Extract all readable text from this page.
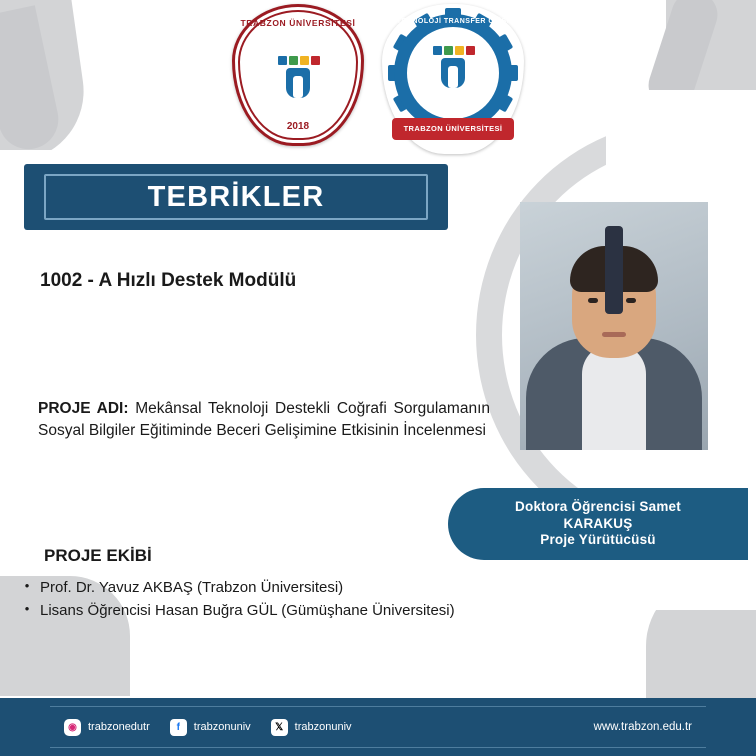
TRABZON ÜNİVERSİTESİ
2018
TEKNOLOJİ TRANSFER OFİSİ
TRABZON ÜNİVERSİTESİ
TEBRİKLER
1002 - A Hızlı Destek Modülü
PROJE ADI: Mekânsal Teknoloji Destekli Coğrafi Sorgulamanın Sosyal Bilgiler Eğitiminde Beceri Gelişimine Etkisinin İncelenmesi
PROJE EKİBİ
• Prof. Dr. Yavuz AKBAŞ (Trabzon Üniversitesi)
• Lisans Öğrencisi Hasan Buğra GÜL (Gümüşhane Üniversitesi)
Doktora Öğrencisi Samet
KARAKUŞ
Proje Yürütücüsü
◉	trabzonedutr	f	trabzonuniv	𝕏	trabzonuniv	www.trabzon.edu.tr
